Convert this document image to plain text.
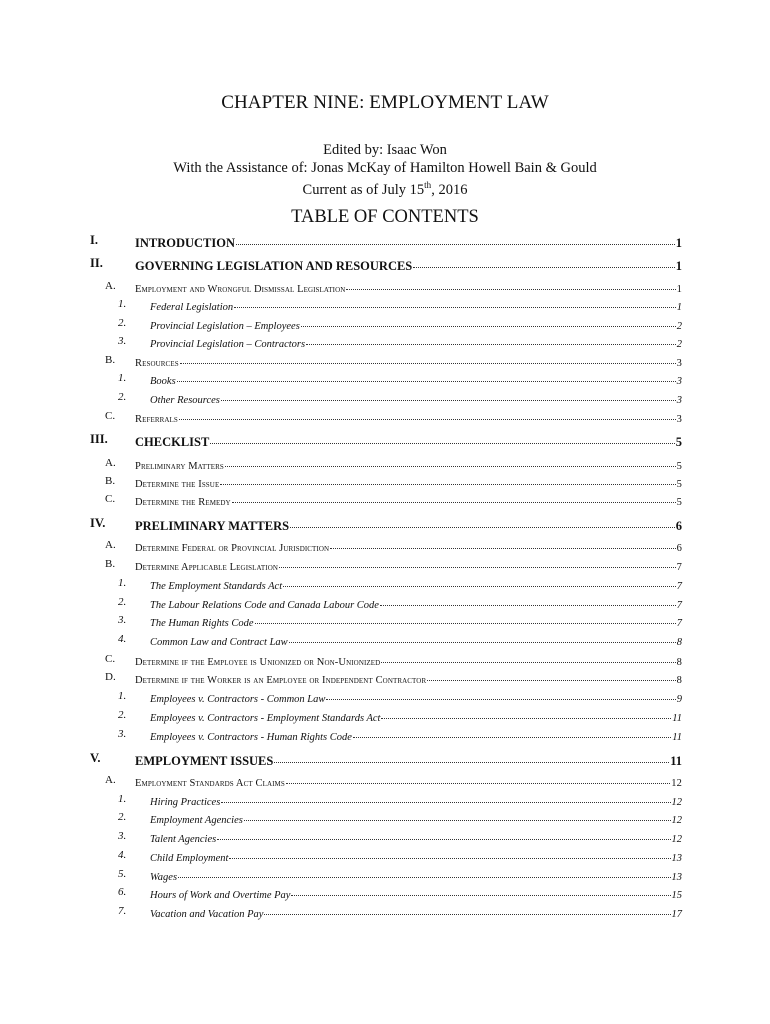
CHAPTER NINE: EMPLOYMENT LAW
Edited by: Isaac Won
With the Assistance of: Jonas McKay of Hamilton Howell Bain & Gould
Current as of July 15th, 2016
TABLE OF CONTENTS
I.	INTRODUCTION	1
II.	GOVERNING LEGISLATION AND RESOURCES	1
A. Employment and Wrongful Dismissal Legislation	1
1. Federal Legislation	1
2. Provincial Legislation – Employees	2
3. Provincial Legislation – Contractors	2
B. Resources	3
1. Books	3
2. Other Resources	3
C. Referrals	3
III. CHECKLIST	5
A. Preliminary Matters	5
B. Determine the Issue	5
C. Determine the Remedy	5
IV. PRELIMINARY MATTERS	6
A. Determine Federal or Provincial Jurisdiction	6
B. Determine Applicable Legislation	7
1. The Employment Standards Act	7
2. The Labour Relations Code and Canada Labour Code	7
3. The Human Rights Code	7
4. Common Law and Contract Law	8
C. Determine if the Employee is Unionized or Non-Unionized	8
D. Determine if the Worker is an Employee or Independent Contractor	8
1. Employees v. Contractors - Common Law	9
2. Employees v. Contractors - Employment Standards Act	11
3. Employees v. Contractors - Human Rights Code	11
V.	EMPLOYMENT ISSUES	11
A. Employment Standards Act Claims	12
1. Hiring Practices	12
2. Employment Agencies	12
3. Talent Agencies	12
4. Child Employment	13
5. Wages	13
6. Hours of Work and Overtime Pay	15
7. Vacation and Vacation Pay	17
